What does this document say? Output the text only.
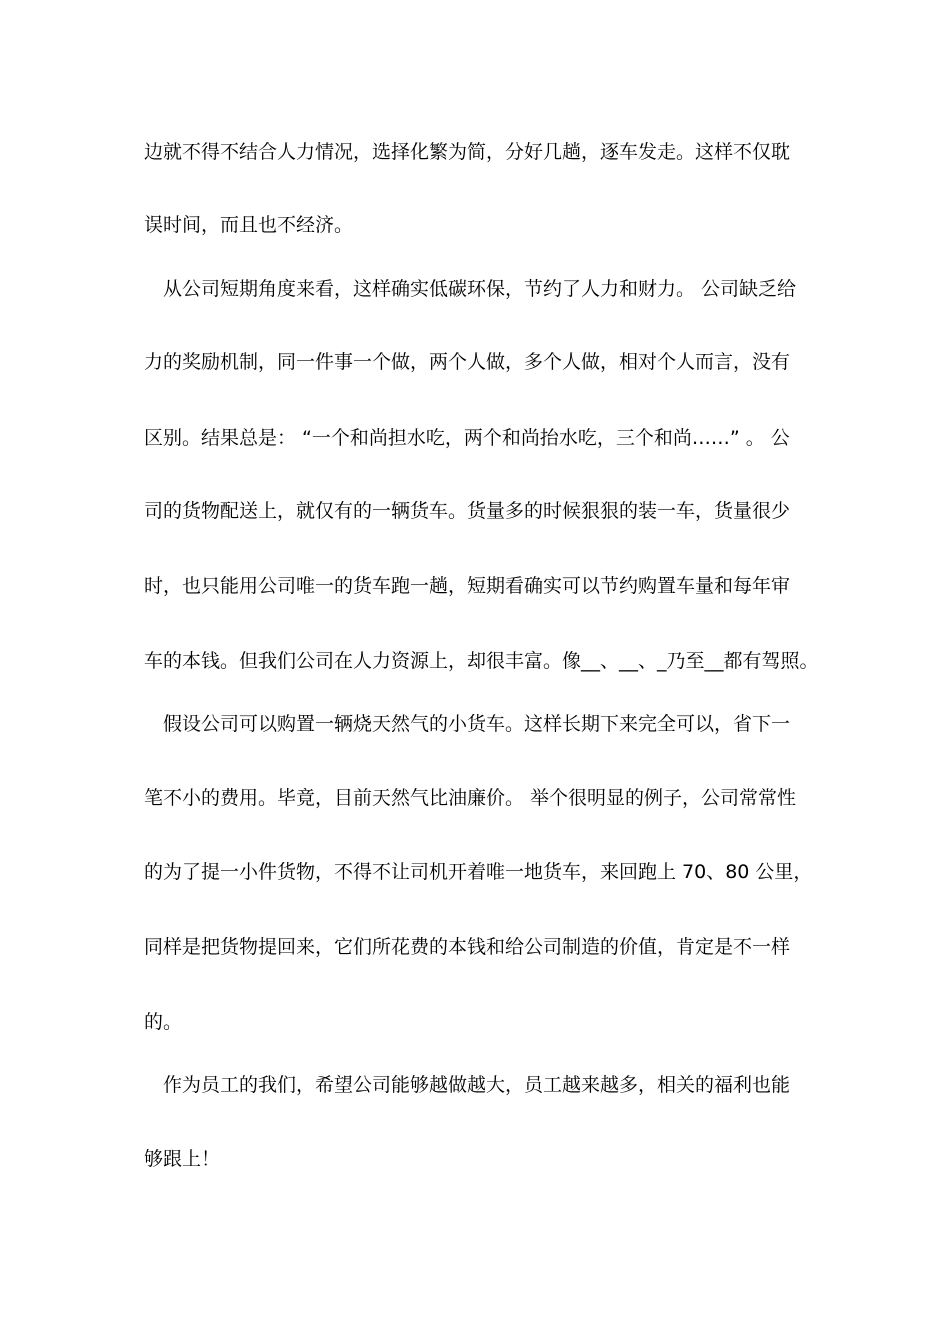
边就不得不结合人力情况，选择化繁为简，分好几趟，逐车发走。这样不仅耽
误时间，而且也不经济。
从公司短期角度来看，这样确实低碳环保，节约了人力和财力。 公司缺乏给
力的奖励机制，同一件事一个做，两个人做，多个人做，相对个人而言，没有
区别。结果总是： “一个和尚担水吃，两个和尚抬水吃，三个和尚……” 。 公
司的货物配送上，就仅有的一辆货车。货量多的时候狠狠的装一车，货量很少
时，也只能用公司唯一的货车跑一趟，短期看确实可以节约购置车量和每年审
车的本钱。但我们公司在人力资源上，却很丰富。像__、__、_乃至__都有驾照。
假设公司可以购置一辆烧天然气的小货车。这样长期下来完全可以，省下一
笔不小的费用。毕竟，目前天然气比油廉价。 举个很明显的例子，公司常常性
的为了提一小件货物，不得不让司机开着唯一地货车，来回跑上 70、80 公里，
同样是把货物提回来，它们所花费的本钱和给公司制造的价值，肯定是不一样
的。
作为员工的我们，希望公司能够越做越大，员工越来越多，相关的福利也能
够跟上！
